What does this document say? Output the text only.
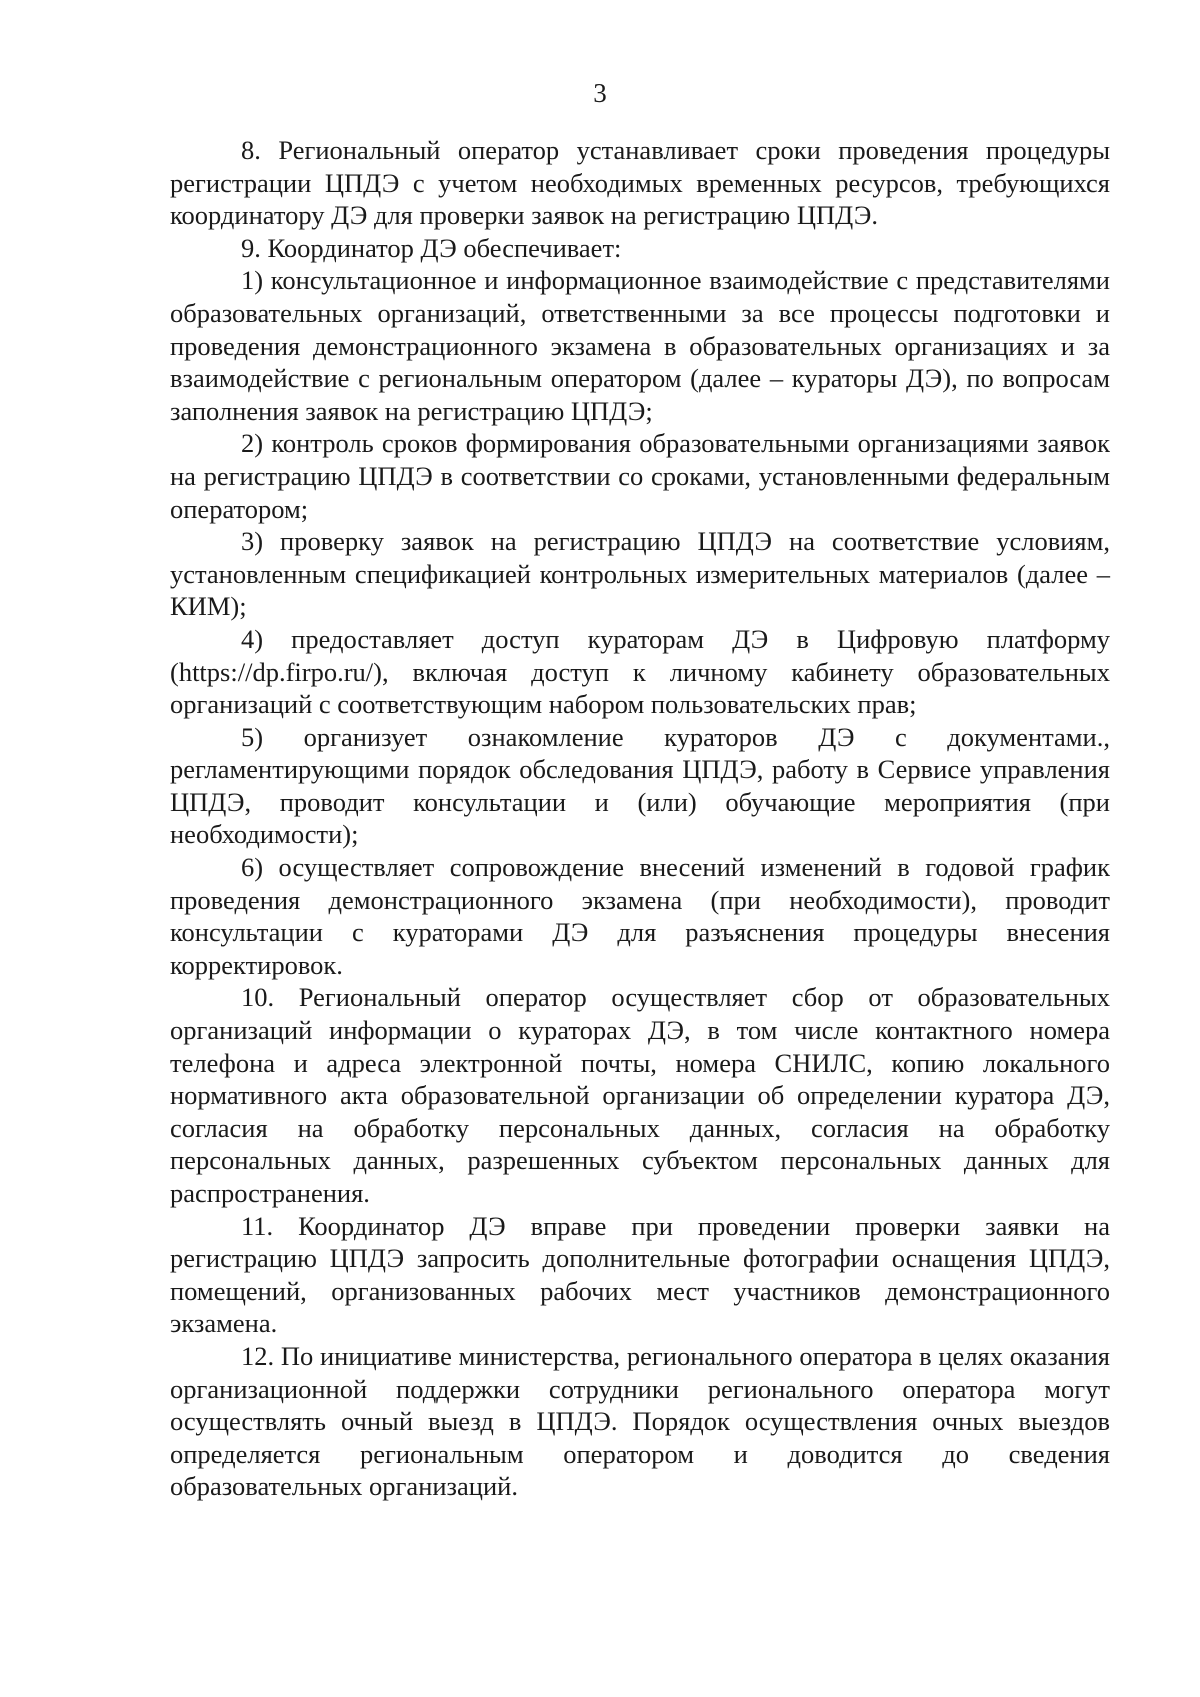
3

8. Региональный оператор устанавливает сроки проведения процедуры регистрации ЦПДЭ с учетом необходимых временных ресурсов, требующихся координатору ДЭ для проверки заявок на регистрацию ЦПДЭ.

9. Координатор ДЭ обеспечивает:

1) консультационное и информационное взаимодействие с представителями образовательных организаций, ответственными за все процессы подготовки и проведения демонстрационного экзамена в образовательных организациях и за взаимодействие с региональным оператором (далее – кураторы ДЭ), по вопросам заполнения заявок на регистрацию ЦПДЭ;

2) контроль сроков формирования образовательными организациями заявок на регистрацию ЦПДЭ в соответствии со сроками, установленными федеральным оператором;

3) проверку заявок на регистрацию ЦПДЭ на соответствие условиям, установленным спецификацией контрольных измерительных материалов (далее – КИМ);

4) предоставляет доступ кураторам ДЭ в Цифровую платформу (https://dp.firpo.ru/), включая доступ к личному кабинету образовательных организаций с соответствующим набором пользовательских прав;

5) организует ознакомление кураторов ДЭ с документами., регламентирующими порядок обследования ЦПДЭ, работу в Сервисе управления ЦПДЭ, проводит консультации и (или) обучающие мероприятия (при необходимости);

6) осуществляет сопровождение внесений изменений в годовой график проведения демонстрационного экзамена (при необходимости), проводит консультации с кураторами ДЭ для разъяснения процедуры внесения корректировок.

10. Региональный оператор осуществляет сбор от образовательных организаций информации о кураторах ДЭ, в том числе контактного номера телефона и адреса электронной почты, номера СНИЛС, копию локального нормативного акта образовательной организации об определении куратора ДЭ, согласия на обработку персональных данных, согласия на обработку персональных данных, разрешенных субъектом персональных данных для распространения.

11. Координатор ДЭ вправе при проведении проверки заявки на регистрацию ЦПДЭ запросить дополнительные фотографии оснащения ЦПДЭ, помещений, организованных рабочих мест участников демонстрационного экзамена.

12. По инициативе министерства, регионального оператора в целях оказания организационной поддержки сотрудники регионального оператора могут осуществлять очный выезд в ЦПДЭ. Порядок осуществления очных выездов определяется региональным оператором и доводится до сведения образовательных организаций.
